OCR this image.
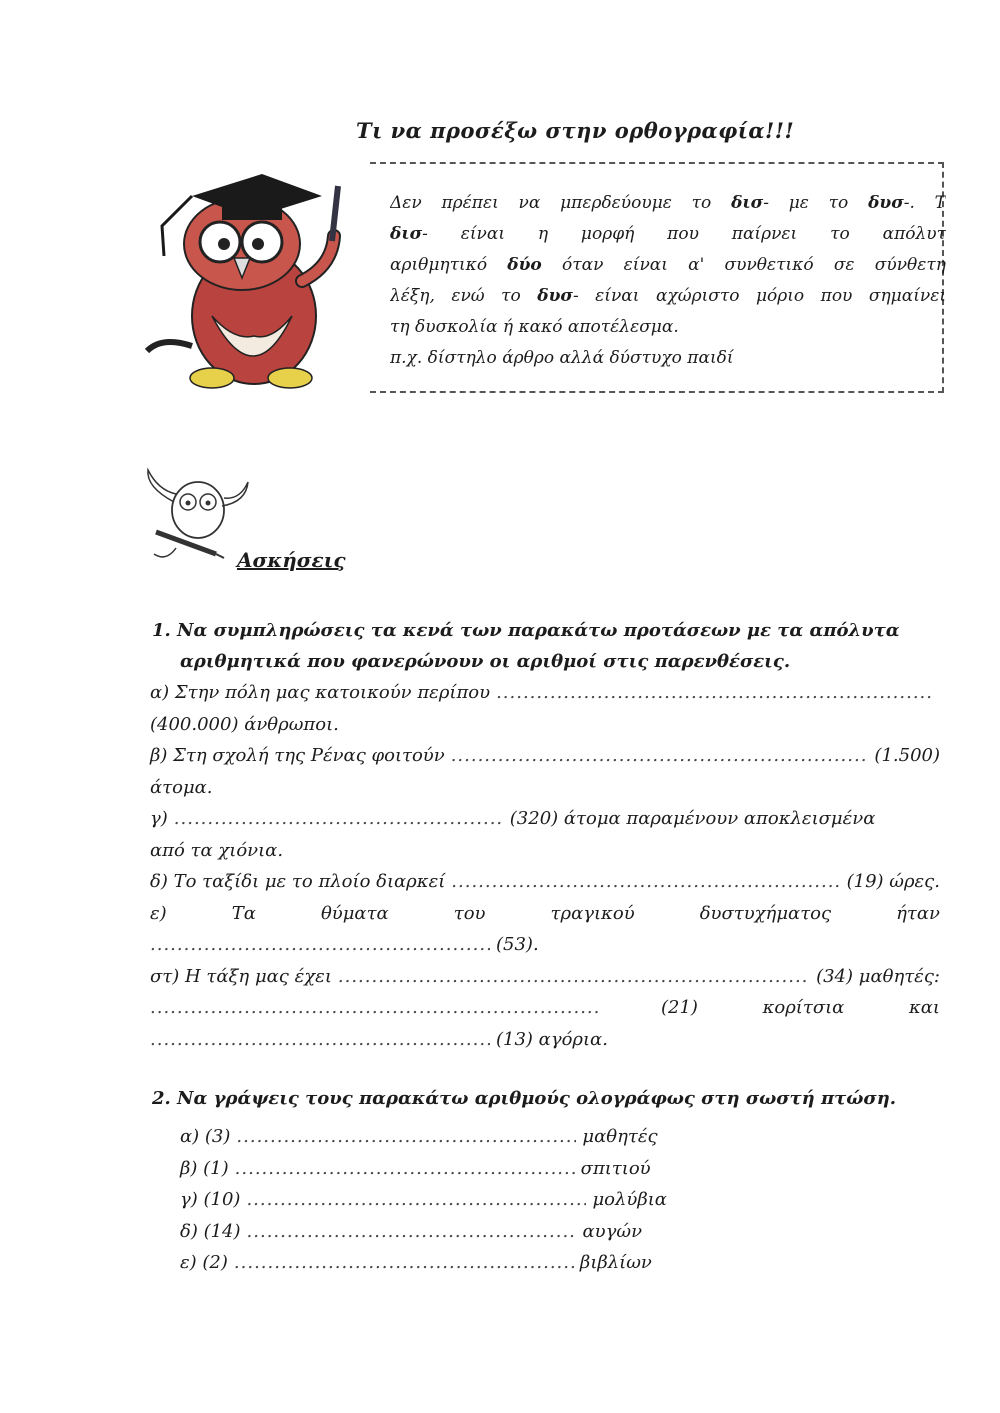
Τι να προσέξω στην ορθογραφία!!!

Δεν πρέπει να μπερδεύουμε το δισ- με το δυσ-. Τ

δισ- είναι η μορφή που παίρνει το απόλυτ

αριθμητικό δύο όταν είναι α' συνθετικό σε σύνθετη

λέξη, ενώ το δυσ- είναι αχώριστο μόριο που σημαίνει

τη δυσκολία ή κακό αποτέλεσμα.

π.χ. δίστηλο άρθρο αλλά δύστυχο παιδί

Ασκήσεις
1. Να συμπληρώσεις τα κενά των παρακάτω προτάσεων με τα απόλυτα
αριθμητικά που φανερώνουν οι αριθμοί στις παρενθέσεις.
α) Στην πόλη μας κατοικούν περίπου
.....
(400.000) άνθρωποι.
β) Στη σχολή της Ρένας φοιτούν .....	(1.500)
άτομα.
γ) .....	(320) άτομα παραμένουν αποκλεισμένα
από τα χιόνια.
δ) Το ταξίδι με το πλοίο διαρκεί .....	(19) ώρες.
ε)	Τα	θύματα	του	τραγικού	δυστυχήματος	ήταν
.....
(53).
στ) Η τάξη μας έχει .....	(34) μαθητές:
.....
(21)	κορίτσια	και
.....
(13) αγόρια.
2. Να γράψεις τους παρακάτω αριθμούς ολογράφως στη σωστή πτώση.
α) (3) .....	μαθητές
β) (1) .....	σπιτιού
γ) (10) .....	μολύβια
δ) (14) .....	αυγών
ε) (2) .....	βιβλίων
